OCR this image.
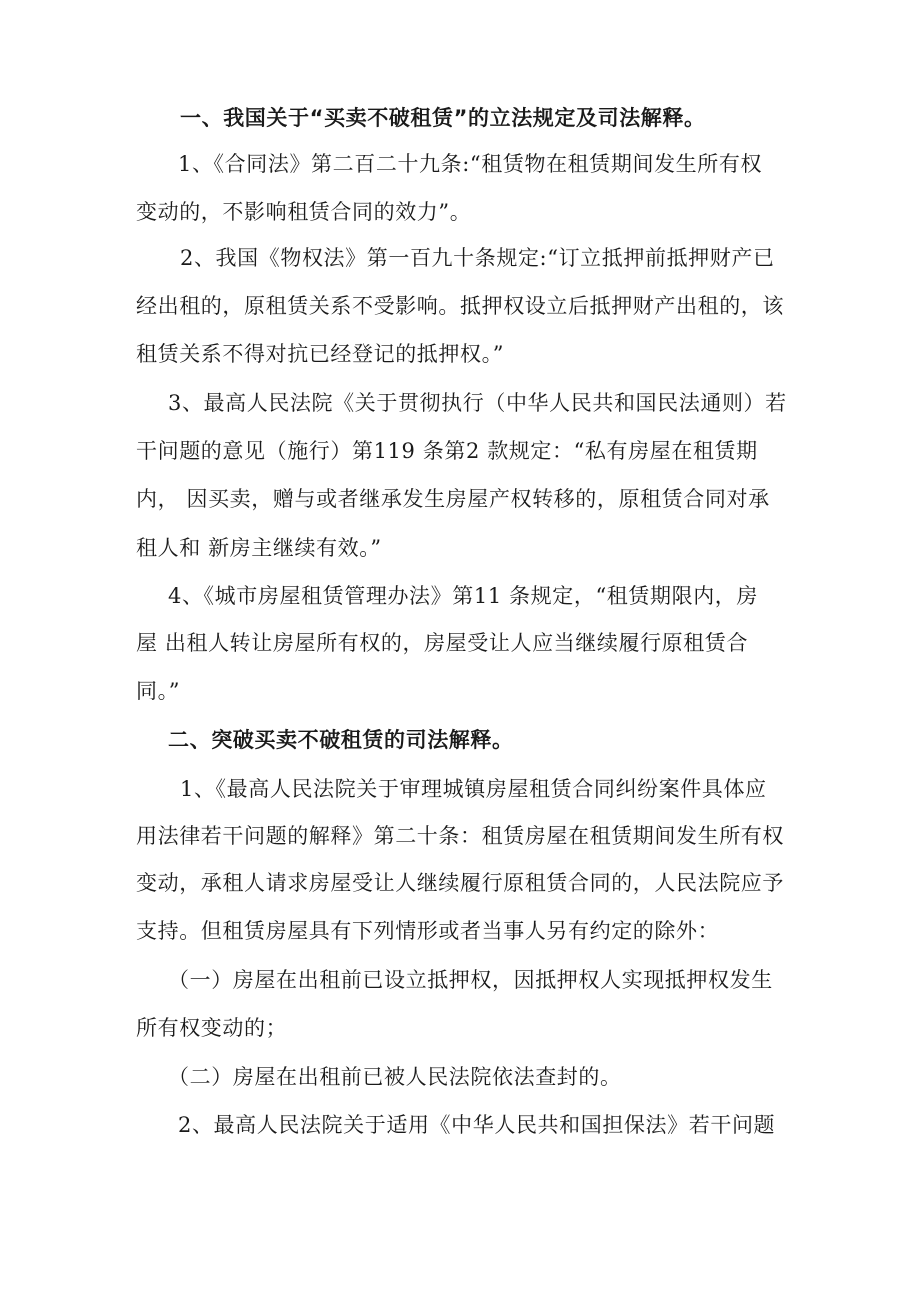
一、我国关于“买卖不破租赁”的立法规定及司法解释。
1、《合同法》第二百二十九条:“租赁物在租赁期间发生所有权
变动的，不影响租赁合同的效力”。
2、我国《物权法》第一百九十条规定:“订立抵押前抵押财产已
经出租的，原租赁关系不受影响。抵押权设立后抵押财产出租的，该
租赁关系不得对抗已经登记的抵押权。”
3、最高人民法院《关于贯彻执行（中华人民共和国民法通则）若
干问题的意见（施行）第119 条第2 款规定：“私有房屋在租赁期
内， 因买卖，赠与或者继承发生房屋产权转移的，原租赁合同对承
租人和 新房主继续有效。”
4、《城市房屋租赁管理办法》第11 条规定，“租赁期限内，房
屋 出租人转让房屋所有权的，房屋受让人应当继续履行原租赁合
同。”
二、突破买卖不破租赁的司法解释。
1、《最高人民法院关于审理城镇房屋租赁合同纠纷案件具体应
用法律若干问题的解释》第二十条：租赁房屋在租赁期间发生所有权
变动，承租人请求房屋受让人继续履行原租赁合同的，人民法院应予
支持。但租赁房屋具有下列情形或者当事人另有约定的除外：
（一）房屋在出租前已设立抵押权，因抵押权人实现抵押权发生
所有权变动的；
（二）房屋在出租前已被人民法院依法查封的。
2、最高人民法院关于适用《中华人民共和国担保法》若干问题
